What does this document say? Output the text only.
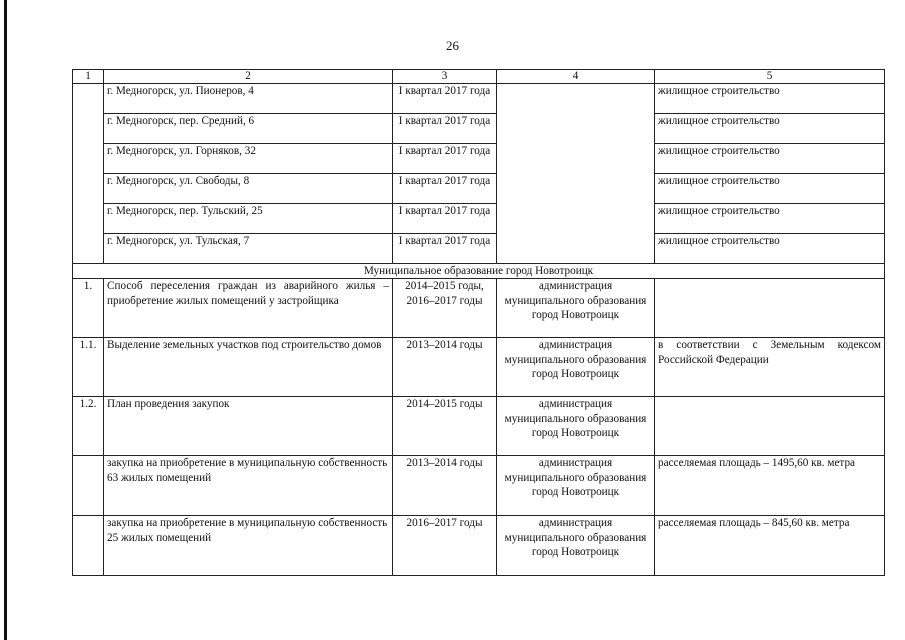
26
1	2	3	4	5
	г. Медногорск, ул. Пионеров, 4	I квартал 2017 года		жилищное строительство
	г. Медногорск, пер. Средний, 6	I квартал 2017 года		жилищное строительство
	г. Медногорск, ул. Горняков, 32	I квартал 2017 года		жилищное строительство
	г. Медногорск, ул. Свободы, 8	I квартал 2017 года		жилищное строительство
	г. Медногорск, пер. Тульский, 25	I квартал 2017 года		жилищное строительство
	г. Медногорск, ул. Тульская, 7	I квартал 2017 года		жилищное строительство
Муниципальное образование город Новотроицк				
1.	Способ переселения граждан из аварийного жилья – приобретение жилых помещений у застройщика	2014–2015 годы, 2016–2017 годы	администрация муниципального образования город Новотроицк	
1.1.	Выделение земельных участков под строительство домов	2013–2014 годы	администрация муниципального образования город Новотроицк	в соответствии с Земельным кодексом Российской Федерации
1.2.	План проведения закупок	2014–2015 годы	администрация муниципального образования город Новотроицк	
	закупка на приобретение в муниципальную собственность 63 жилых помещений	2013–2014 годы	администрация муниципального образования город Новотроицк	расселяемая площадь – 1495,60 кв. метра
	закупка на приобретение в муниципальную собственность 25 жилых помещений	2016–2017 годы	администрация муниципального образования город Новотроицк	расселяемая площадь – 845,60 кв. метра
